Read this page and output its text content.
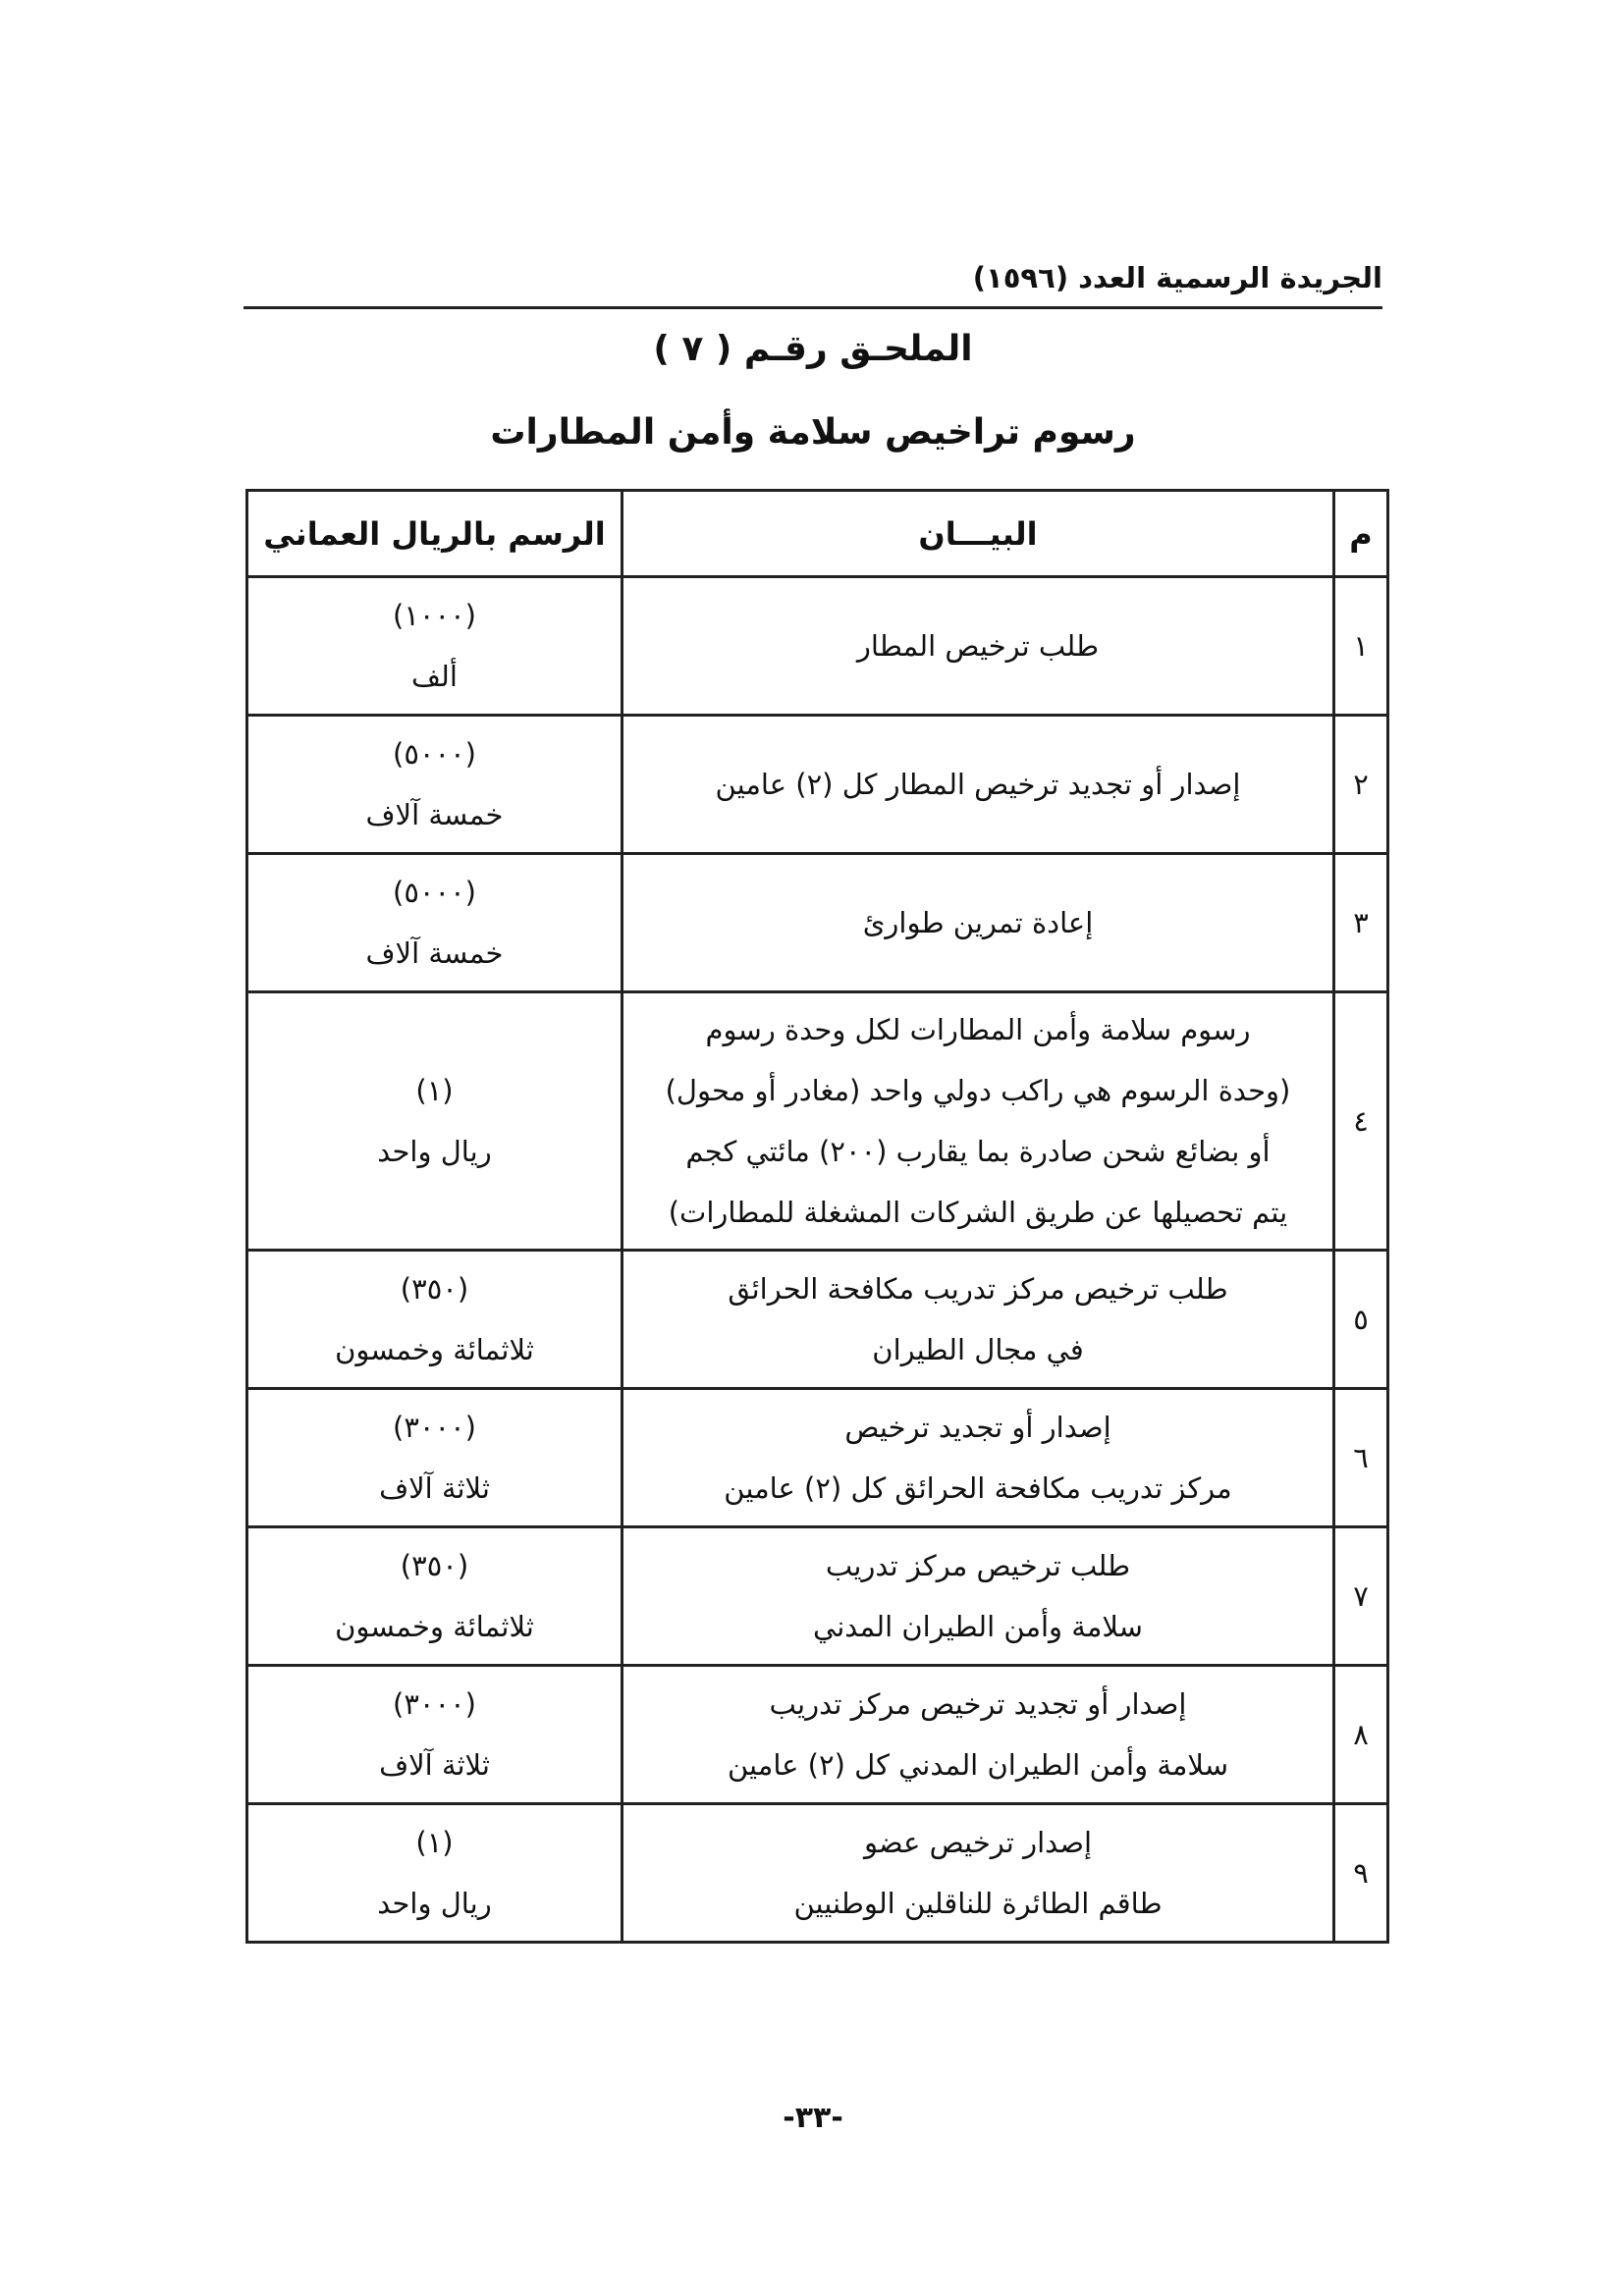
الجريدة الرسمية العدد (١٥٩٦)
الملحـق رقـم ( ٧ )
رسوم تراخيص سلامة وأمن المطارات
م	البيـــان	الرسم بالريال العماني
١	طلب ترخيص المطار	(١٠٠٠)
ألف

٢	إصدار أو تجديد ترخيص المطار كل (٢) عامين	(٥٠٠٠)
خمسة آلاف

٣	إعادة تمرين طوارئ	(٥٠٠٠)
خمسة آلاف

٤	رسوم سلامة وأمن المطارات لكل وحدة رسوم
(وحدة الرسوم هي راكب دولي واحد (مغادر أو محول)
أو بضائع شحن صادرة بما يقارب (٢٠٠) مائتي كجم
يتم تحصيلها عن طريق الشركات المشغلة للمطارات)	(١)
ريال واحد

٥	طلب ترخيص مركز تدريب مكافحة الحرائق
في مجال الطيران	(٣٥٠)
ثلاثمائة وخمسون

٦	إصدار أو تجديد ترخيص
مركز تدريب مكافحة الحرائق كل (٢) عامين	(٣٠٠٠)
ثلاثة آلاف

٧	طلب ترخيص مركز تدريب
سلامة وأمن الطيران المدني	(٣٥٠)
ثلاثمائة وخمسون

٨	إصدار أو تجديد ترخيص مركز تدريب
سلامة وأمن الطيران المدني كل (٢) عامين	(٣٠٠٠)
ثلاثة آلاف

٩	إصدار ترخيص عضو
طاقم الطائرة للناقلين الوطنيين	(١)
ريال واحد
-٣٣-
